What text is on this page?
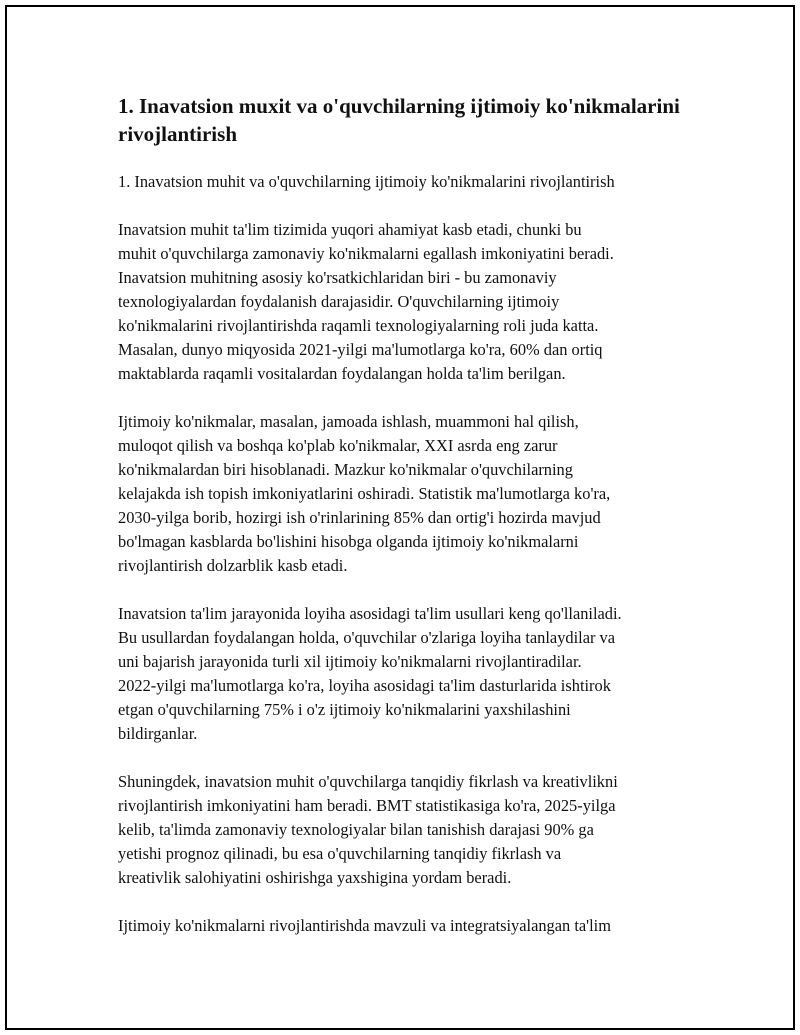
1. Inavatsion muxit va o'quvchilarning ijtimoiy ko'nikmalarini
rivojlantirish

1. Inavatsion muhit va o'quvchilarning ijtimoiy ko'nikmalarini rivojlantirish

Inavatsion muhit ta'lim tizimida yuqori ahamiyat kasb etadi, chunki bu
muhit o'quvchilarga zamonaviy ko'nikmalarni egallash imkoniyatini beradi.
Inavatsion muhitning asosiy ko'rsatkichlaridan biri - bu zamonaviy
texnologiyalardan foydalanish darajasidir. O'quvchilarning ijtimoiy
ko'nikmalarini rivojlantirishda raqamli texnologiyalarning roli juda katta.
Masalan, dunyo miqyosida 2021-yilgi ma'lumotlarga ko'ra, 60% dan ortiq
maktablarda raqamli vositalardan foydalangan holda ta'lim berilgan.

Ijtimoiy ko'nikmalar, masalan, jamoada ishlash, muammoni hal qilish,
muloqot qilish va boshqa ko'plab ko'nikmalar, XXI asrda eng zarur
ko'nikmalardan biri hisoblanadi. Mazkur ko'nikmalar o'quvchilarning
kelajakda ish topish imkoniyatlarini oshiradi. Statistik ma'lumotlarga ko'ra,
2030-yilga borib, hozirgi ish o'rinlarining 85% dan ortig'i hozirda mavjud
bo'lmagan kasblarda bo'lishini hisobga olganda ijtimoiy ko'nikmalarni
rivojlantirish dolzarblik kasb etadi.

Inavatsion ta'lim jarayonida loyiha asosidagi ta'lim usullari keng qo'llaniladi.
Bu usullardan foydalangan holda, o'quvchilar o'zlariga loyiha tanlaydilar va
uni bajarish jarayonida turli xil ijtimoiy ko'nikmalarni rivojlantiradilar.
2022-yilgi ma'lumotlarga ko'ra, loyiha asosidagi ta'lim dasturlarida ishtirok
etgan o'quvchilarning 75% i o'z ijtimoiy ko'nikmalarini yaxshilashini
bildirganlar.

Shuningdek, inavatsion muhit o'quvchilarga tanqidiy fikrlash va kreativlikni
rivojlantirish imkoniyatini ham beradi. BMT statistikasiga ko'ra, 2025-yilga
kelib, ta'limda zamonaviy texnologiyalar bilan tanishish darajasi 90% ga
yetishi prognoz qilinadi, bu esa o'quvchilarning tanqidiy fikrlash va
kreativlik salohiyatini oshirishga yaxshigina yordam beradi.

Ijtimoiy ko'nikmalarni rivojlantirishda mavzuli va integratsiyalangan ta'lim
